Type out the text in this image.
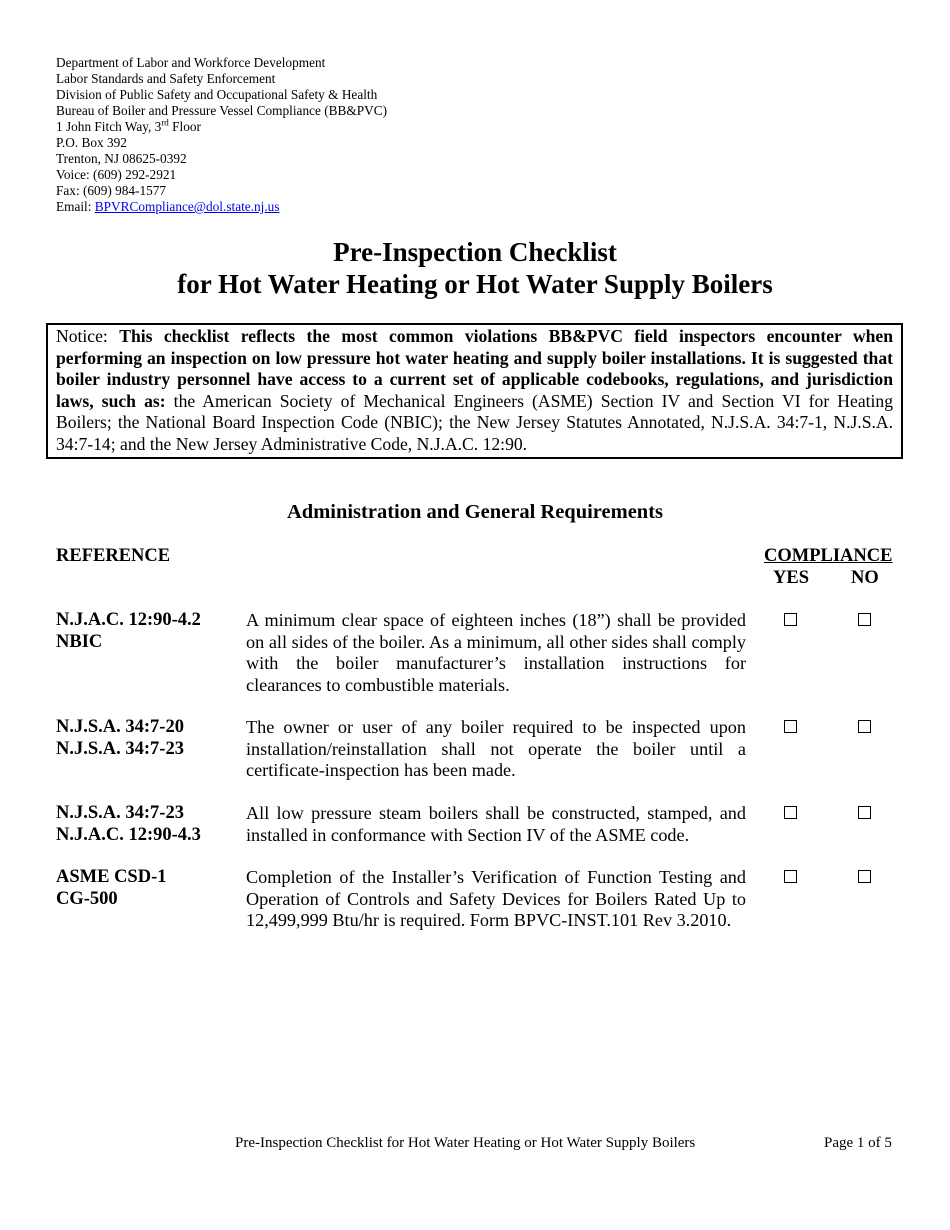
Department of Labor and Workforce Development
Labor Standards and Safety Enforcement
Division of Public Safety and Occupational Safety & Health
Bureau of Boiler and Pressure Vessel Compliance (BB&PVC)
1 John Fitch Way, 3rd Floor
P.O. Box 392
Trenton, NJ 08625-0392
Voice: (609) 292-2921
Fax: (609) 984-1577
Email: BPVRCompliance@dol.state.nj.us
Pre-Inspection Checklist
for Hot Water Heating or Hot Water Supply Boilers
Notice: This checklist reflects the most common violations BB&PVC field inspectors encounter when performing an inspection on low pressure hot water heating and supply boiler installations. It is suggested that boiler industry personnel have access to a current set of applicable codebooks, regulations, and jurisdiction laws, such as: the American Society of Mechanical Engineers (ASME) Section IV and Section VI for Heating Boilers; the National Board Inspection Code (NBIC); the New Jersey Statutes Annotated, N.J.S.A. 34:7-1, N.J.S.A. 34:7-14; and the New Jersey Administrative Code, N.J.A.C. 12:90.
Administration and General Requirements
REFERENCE	COMPLIANCE
YES NO
N.J.A.C. 12:90-4.2
NBIC
A minimum clear space of eighteen inches (18”) shall be provided on all sides of the boiler. As a minimum, all other sides shall comply with the boiler manufacturer’s installation instructions for clearances to combustible materials.
N.J.S.A. 34:7-20
N.J.S.A. 34:7-23
The owner or user of any boiler required to be inspected upon installation/reinstallation shall not operate the boiler until a certificate-inspection has been made.
N.J.S.A. 34:7-23
N.J.A.C. 12:90-4.3
All low pressure steam boilers shall be constructed, stamped, and installed in conformance with Section IV of the ASME code.
ASME CSD-1
CG-500
Completion of the Installer’s Verification of Function Testing and Operation of Controls and Safety Devices for Boilers Rated Up to 12,499,999 Btu/hr is required. Form BPVC-INST.101 Rev 3.2010.
Pre-Inspection Checklist for Hot Water Heating or Hot Water Supply Boilers	Page 1 of 5
